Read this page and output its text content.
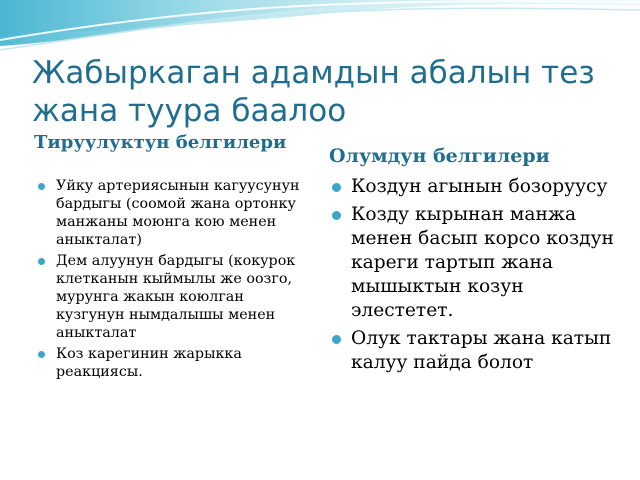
Жабыркаган адамдын абалын тез жана туура баалоо
Тируулуктун белгилери
Олумдун белгилери
Уйку артериясынын кагуусунун бардыгы (соомой жана ортонку манжаны моюнга кою менен аныкталат)
Дем алуунун бардыгы (кокурок клетканын кыймылы же оозго, мурунга жакын коюлган кузгунун нымдалышы менен аныкталат
Коз карегинин жарыкка реакциясы.
Коздун агынын бозоруусу
Козду кырынан манжа менен басып корсо коздун кареги тартып жана мышыктын козун элестетет.
Олук тактары жана катып калуу пайда болот
